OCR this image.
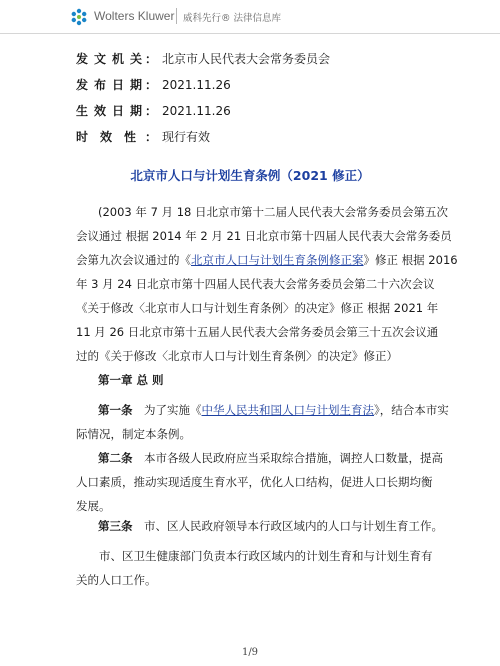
Wolters Kluwer 威科先行® 法律信息库
发文机关
： 北京市人民代表大会常务委员会
发布日期
： 2021.11.26
生效日期
： 2021.11.26
时　效　性 ： 现行有效
北京市人口与计划生育条例（2021 修正）
(2003 年 7 月 18 日北京市第十二届人民代表大会常务委员会第五次
会议通过 根据 2014 年 2 月 21 日北京市第十四届人民代表大会常务委员
会第九次会议通过的《北京市人口与计划生育条例修正案》修正 根据 2016
年 3 月 24 日北京市第十四届人民代表大会常务委员会第二十六次会议
《关于修改〈北京市人口与计划生育条例〉的决定》修正 根据 2021 年
11 月 26 日北京市第十五届人民代表大会常务委员会第三十五次会议通
过的《关于修改〈北京市人口与计划生育条例〉的决定》修正）
第一章 总 则
第一条　为了实施《中华人民共和国人口与计划生育法》，结合本市实
际情况，制定本条例。
第二条　本市各级人民政府应当采取综合措施，调控人口数量，提高
人口素质，推动实现适度生育水平，优化人口结构，促进人口长期均衡
发展。
第三条　市、区人民政府领导本行政区域内的人口与计划生育工作。
　　市、区卫生健康部门负责本行政区域内的计划生育和与计划生育有
关的人口工作。
1/9
